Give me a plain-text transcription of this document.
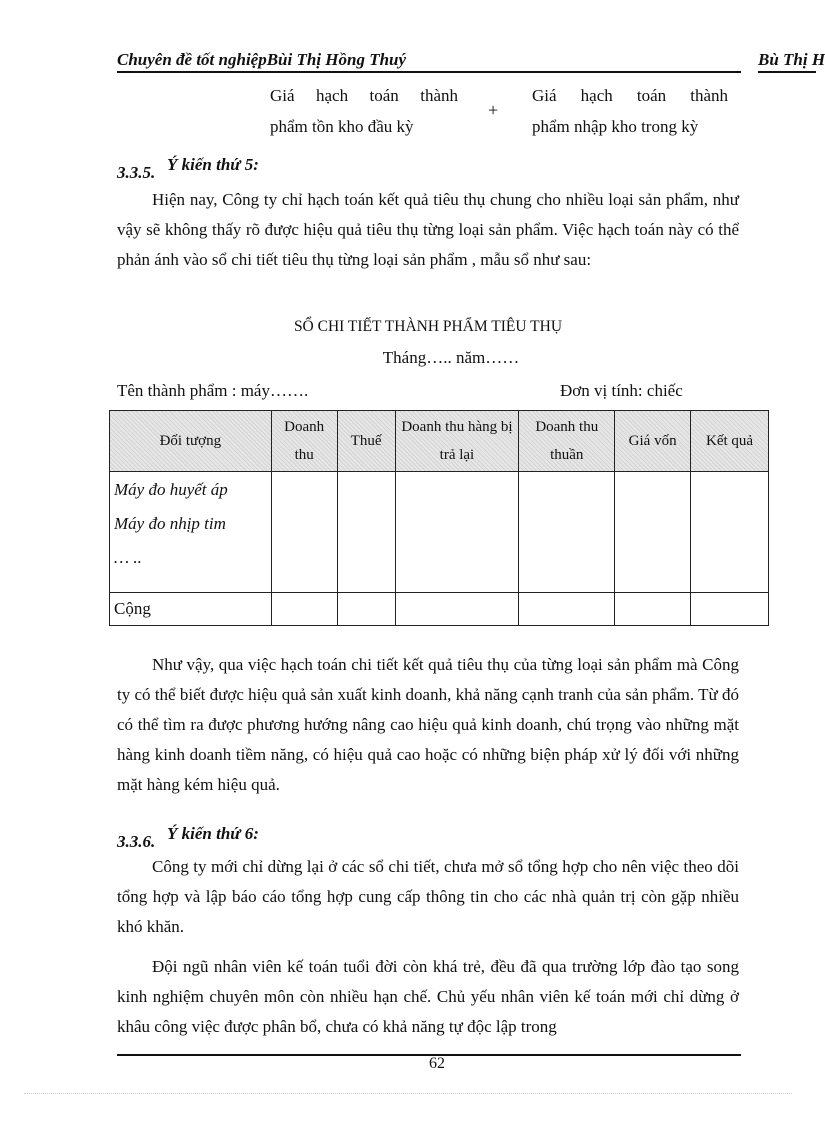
Chuyên đề tốt nghiệpBùi Thị Hồng Thuý	Bù Thị H
Giá hạch toán thành
phẩm tồn kho đầu kỳ
+
Giá hạch toán thành
phẩm nhập kho trong kỳ
3.3.5. Ý kiến thứ 5:

Hiện nay, Công ty chỉ hạch toán kết quả tiêu thụ chung cho nhiều loại sản phẩm, như vậy sẽ không thấy rõ được hiệu quả tiêu thụ từng loại sản phẩm. Việc hạch toán này có thể phản ánh vào sổ chi tiết tiêu thụ từng loại sản phẩm , mẫu sổ như sau:

SỔ CHI TIẾT THÀNH PHẨM TIÊU THỤ
Tháng….. năm……
Tên thành phẩm : máy…….	Đơn vị tính: chiếc
Đối tượng	Doanh thu	Thuế	Doanh thu hàng bị trả lại	Doanh thu thuần	Giá vốn	Kết quả

Máy đo huyết áp
Máy đo nhịp tim
… ..						

Cộng						

Như vậy, qua việc hạch toán chi tiết kết quả tiêu thụ của từng loại sản phẩm mà Công ty có thể biết được hiệu quả sản xuất kinh doanh, khả năng cạnh tranh của sản phẩm. Từ đó có thể tìm ra được phương hướng nâng cao hiệu quả kinh doanh, chú trọng vào những mặt hàng kinh doanh tiềm năng, có hiệu quả cao hoặc có những biện pháp xử lý đối với những mặt hàng kém hiệu quả.

3.3.6. Ý kiến thứ 6:

Công ty mới chỉ dừng lại ở các sổ chi tiết, chưa mở sổ tổng hợp cho nên việc theo dõi tổng hợp và lập báo cáo tổng hợp cung cấp thông tin cho các nhà quản trị còn gặp nhiều khó khăn.

Đội ngũ nhân viên kế toán tuổi đời còn khá trẻ, đều đã qua trường lớp đào tạo song kinh nghiệm chuyên môn còn nhiều hạn chế. Chủ yếu nhân viên kế toán mới chỉ dừng ở khâu công việc được phân bổ, chưa có khả năng tự độc lập trong

62
